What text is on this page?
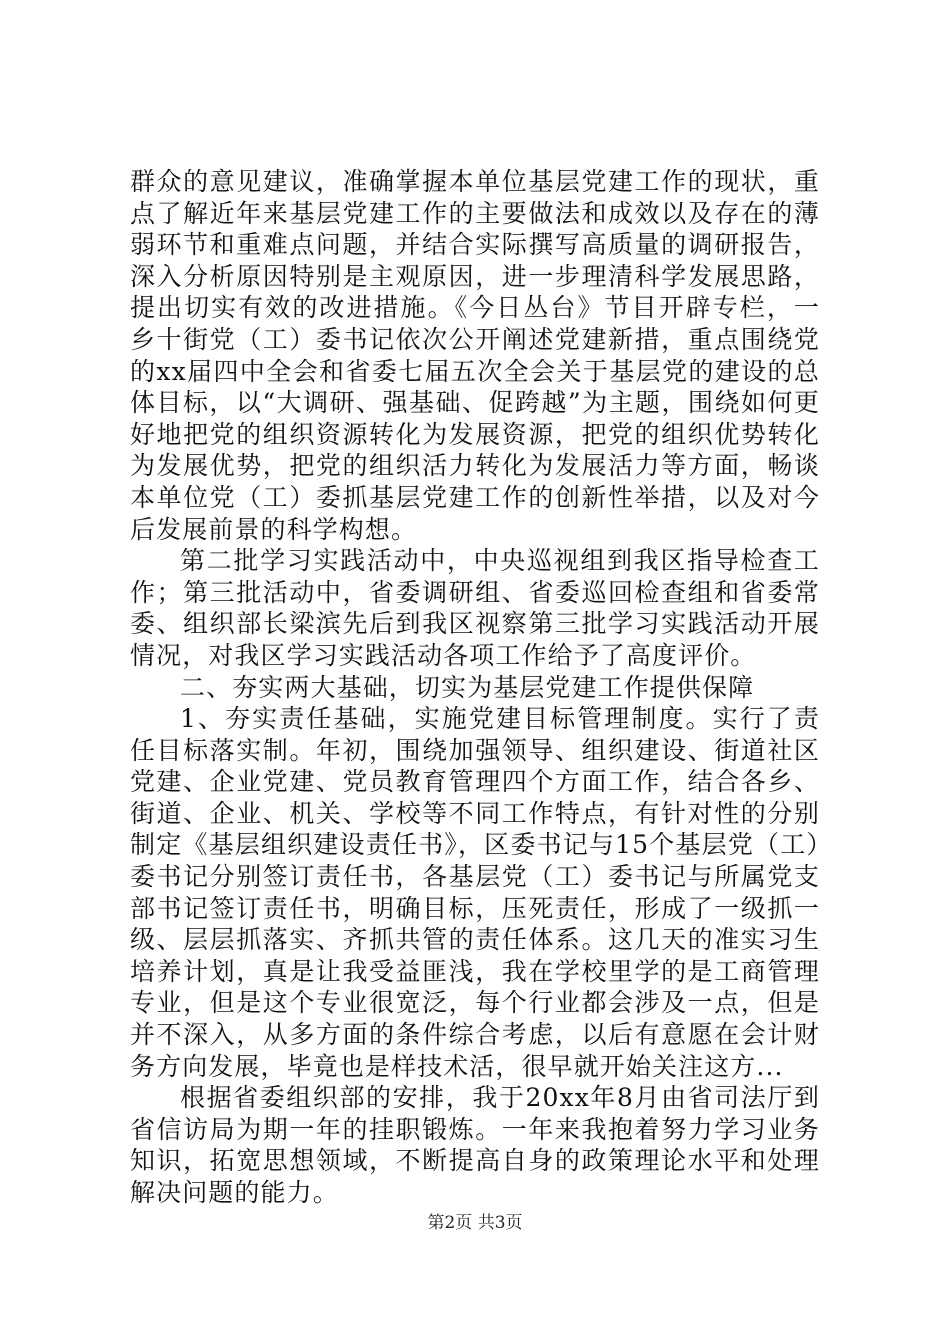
群众的意见建议，准确掌握本单位基层党建工作的现状，重点了解近年来基层党建工作的主要做法和成效以及存在的薄弱环节和重难点问题，并结合实际撰写高质量的调研报告，深入分析原因特别是主观原因，进一步理清科学发展思路，提出切实有效的改进措施。《今日丛台》节目开辟专栏，一乡十街党（工）委书记依次公开阐述党建新措，重点围绕党的xx届四中全会和省委七届五次全会关于基层党的建设的总体目标，以“大调研、强基础、促跨越”为主题，围绕如何更好地把党的组织资源转化为发展资源，把党的组织优势转化为发展优势，把党的组织活力转化为发展活力等方面，畅谈本单位党（工）委抓基层党建工作的创新性举措，以及对今后发展前景的科学构想。

第二批学习实践活动中，中央巡视组到我区指导检查工作；第三批活动中，省委调研组、省委巡回检查组和省委常委、组织部长梁滨先后到我区视察第三批学习实践活动开展情况，对我区学习实践活动各项工作给予了高度评价。

二、夯实两大基础，切实为基层党建工作提供保障

1、夯实责任基础，实施党建目标管理制度。实行了责任目标落实制。年初，围绕加强领导、组织建设、街道社区党建、企业党建、党员教育管理四个方面工作，结合各乡、街道、企业、机关、学校等不同工作特点，有针对性的分别制定《基层组织建设责任书》，区委书记与15个基层党（工）委书记分别签订责任书，各基层党（工）委书记与所属党支部书记签订责任书，明确目标，压死责任，形成了一级抓一级、层层抓落实、齐抓共管的责任体系。这几天的准实习生培养计划，真是让我受益匪浅，我在学校里学的是工商管理专业，但是这个专业很宽泛，每个行业都会涉及一点，但是并不深入，从多方面的条件综合考虑，以后有意愿在会计财务方向发展，毕竟也是样技术活，很早就开始关注这方...

根据省委组织部的安排，我于20xx年8月由省司法厅到省信访局为期一年的挂职锻炼。一年来我抱着努力学习业务知识，拓宽思想领域，不断提高自身的政策理论水平和处理解决问题的能力。

第2页 共3页
